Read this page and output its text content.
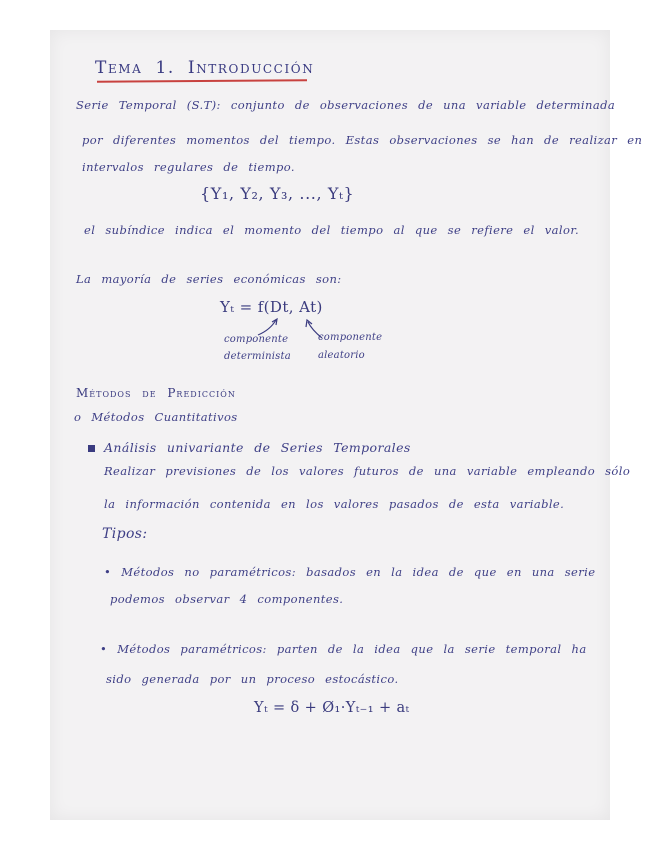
Tema 1. Introducción
Serie Temporal (S.T): conjunto de observaciones de una variable determinada
por diferentes momentos del tiempo. Estas observaciones se han de realizar en
intervalos regulares de tiempo.
{Y₁, Y₂, Y₃, ..., Yₜ}
el subíndice indica el momento del tiempo al que se refiere el valor.
La mayoría de series económicas son:
Yₜ = f(Dt, At)
componente
determinista
componente
aleatorio
Métodos de Predicción
o Métodos Cuantitativos
Análisis univariante de Series Temporales
Realizar previsiones de los valores futuros de una variable empleando sólo
la información contenida en los valores pasados de esta variable.
Tipos:
• Métodos no paramétricos: basados en la idea de que en una serie
podemos observar 4 componentes.
• Métodos paramétricos: parten de la idea que la serie temporal ha
sido generada por un proceso estocástico.
Yₜ = δ + Ø₁·Yₜ₋₁ + aₜ
